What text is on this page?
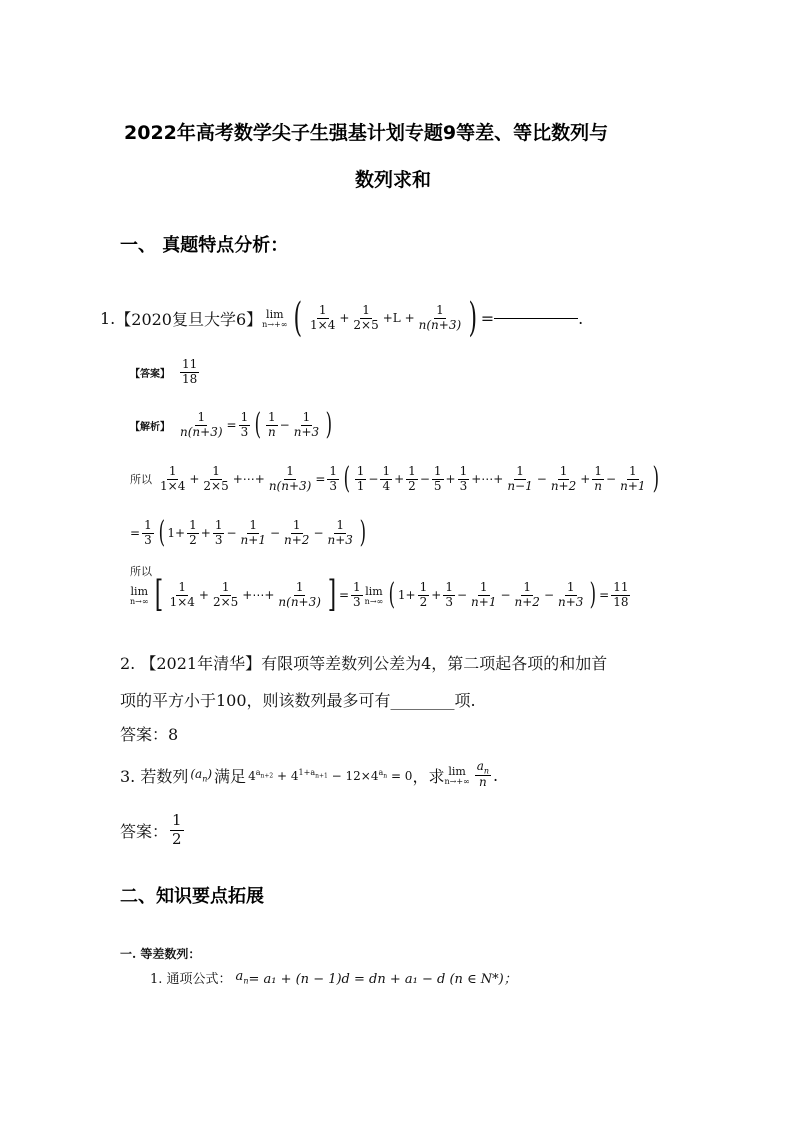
2022年高考数学尖子生强基计划专题9等差、等比数列与
数列求和
一、 真题特点分析：
1. 【2020复旦大学6】 lim
n→+∞ ( $\frac{1}{1\times 4} + \frac{1}{2\times 5} +L + \frac{1}{n(n+3)}$ ) =	.
【答案】 $\frac{11}{18}$
【解析】 $\frac{1}{n(n+3)} = \frac{1}{3}$ ( $\frac{1}{n} - \frac{1}{n+3}$ )
所以 $\frac{1}{1\times 4} + \frac{1}{2\times 5}$ +⋯+ $\frac{1}{n(n+3)} = \frac{1}{3}$ ( $\frac{1}{1} - \frac{1}{4} + \frac{1}{2} - \frac{1}{5} + \frac{1}{3}$ +⋯+ $\frac{1}{n-1} - \frac{1}{n+2} + \frac{1}{n} - \frac{1}{n+1}$ )
= $\frac{1}{3}$ ( $1+ \frac{1}{2} + \frac{1}{3} - \frac{1}{n+1} - \frac{1}{n+2} - \frac{1}{n+3}$ )
所以
lim
n→∞ [ $\frac{1}{1\times 4} + \frac{1}{2\times 5}$ +⋯+ $\frac{1}{n(n+3)}$ ] = $\frac{1}{3}$ lim
n→∞ ( $1+ \frac{1}{2} + \frac{1}{3} - \frac{1}{n+1} - \frac{1}{n+2} - \frac{1}{n+3}$ ) = $\frac{11}{18}$
2. 【2021年清华】有限项等差数列公差为4，第二项起各项的和加首
项的平方小于100，则该数列最多可有________项.
答案：8
3. 若数列 $(a_n)$ 满足 $4^{a_{n+2}} + 4^{1+a_{n+1}} - 12\times 4^{a_n} = 0$ ，求 lim
$n\to+\infty \frac{a_n}{n}$ .
答案： $\frac{1}{2}$
二、知识要点拓展
一. 等差数列：
1. 通项公式： $a_n = a_1 + (n - 1)d$ = dn + a₁ − d (n ∈ N*)；
